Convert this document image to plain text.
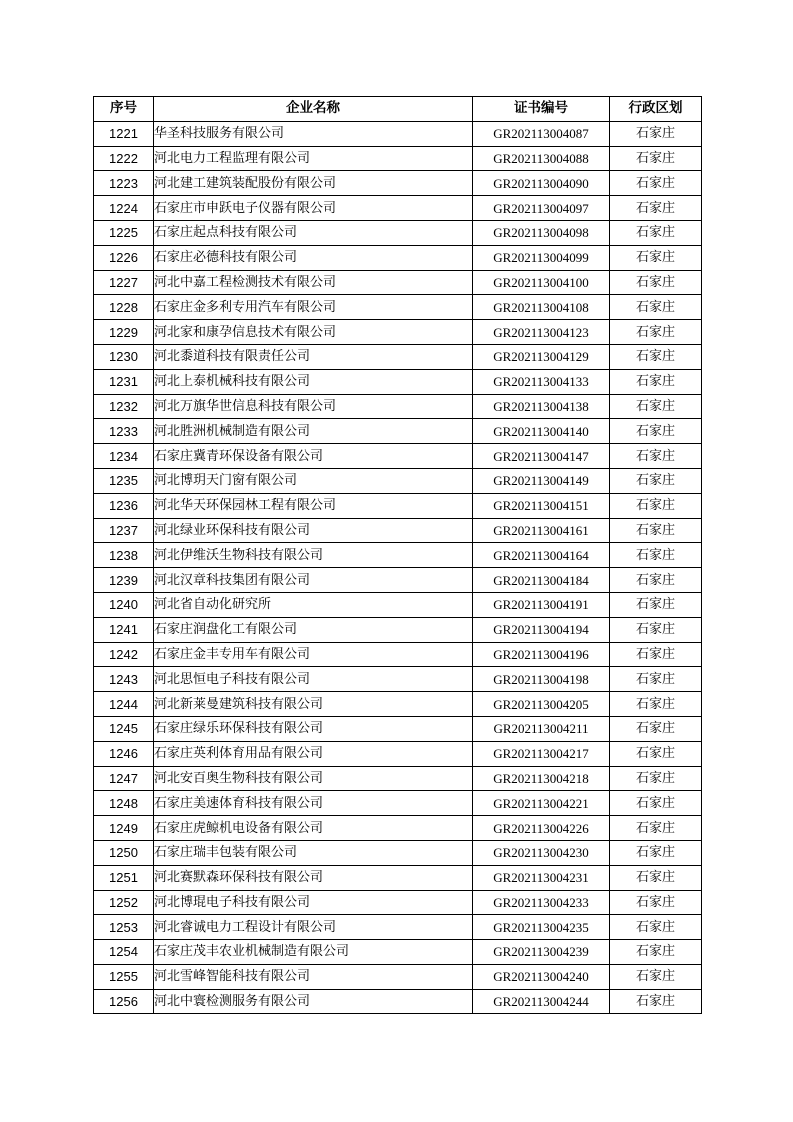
序号	企业名称	证书编号	行政区划
1221	华圣科技服务有限公司	GR202113004087	石家庄
1222	河北电力工程监理有限公司	GR202113004088	石家庄
1223	河北建工建筑装配股份有限公司	GR202113004090	石家庄
1224	石家庄市申跃电子仪器有限公司	GR202113004097	石家庄
1225	石家庄起点科技有限公司	GR202113004098	石家庄
1226	石家庄必德科技有限公司	GR202113004099	石家庄
1227	河北中嘉工程检测技术有限公司	GR202113004100	石家庄
1228	石家庄金多利专用汽车有限公司	GR202113004108	石家庄
1229	河北家和康孕信息技术有限公司	GR202113004123	石家庄
1230	河北黍道科技有限责任公司	GR202113004129	石家庄
1231	河北上泰机械科技有限公司	GR202113004133	石家庄
1232	河北万旗华世信息科技有限公司	GR202113004138	石家庄
1233	河北胜洲机械制造有限公司	GR202113004140	石家庄
1234	石家庄冀青环保设备有限公司	GR202113004147	石家庄
1235	河北博玥天门窗有限公司	GR202113004149	石家庄
1236	河北华天环保园林工程有限公司	GR202113004151	石家庄
1237	河北绿业环保科技有限公司	GR202113004161	石家庄
1238	河北伊维沃生物科技有限公司	GR202113004164	石家庄
1239	河北汉章科技集团有限公司	GR202113004184	石家庄
1240	河北省自动化研究所	GR202113004191	石家庄
1241	石家庄润盘化工有限公司	GR202113004194	石家庄
1242	石家庄金丰专用车有限公司	GR202113004196	石家庄
1243	河北思恒电子科技有限公司	GR202113004198	石家庄
1244	河北新莱曼建筑科技有限公司	GR202113004205	石家庄
1245	石家庄绿乐环保科技有限公司	GR202113004211	石家庄
1246	石家庄英利体育用品有限公司	GR202113004217	石家庄
1247	河北安百奥生物科技有限公司	GR202113004218	石家庄
1248	石家庄美速体育科技有限公司	GR202113004221	石家庄
1249	石家庄虎鲸机电设备有限公司	GR202113004226	石家庄
1250	石家庄瑞丰包装有限公司	GR202113004230	石家庄
1251	河北赛默森环保科技有限公司	GR202113004231	石家庄
1252	河北博琨电子科技有限公司	GR202113004233	石家庄
1253	河北睿诚电力工程设计有限公司	GR202113004235	石家庄
1254	石家庄茂丰农业机械制造有限公司	GR202113004239	石家庄
1255	河北雪峰智能科技有限公司	GR202113004240	石家庄
1256	河北中寰检测服务有限公司	GR202113004244	石家庄
